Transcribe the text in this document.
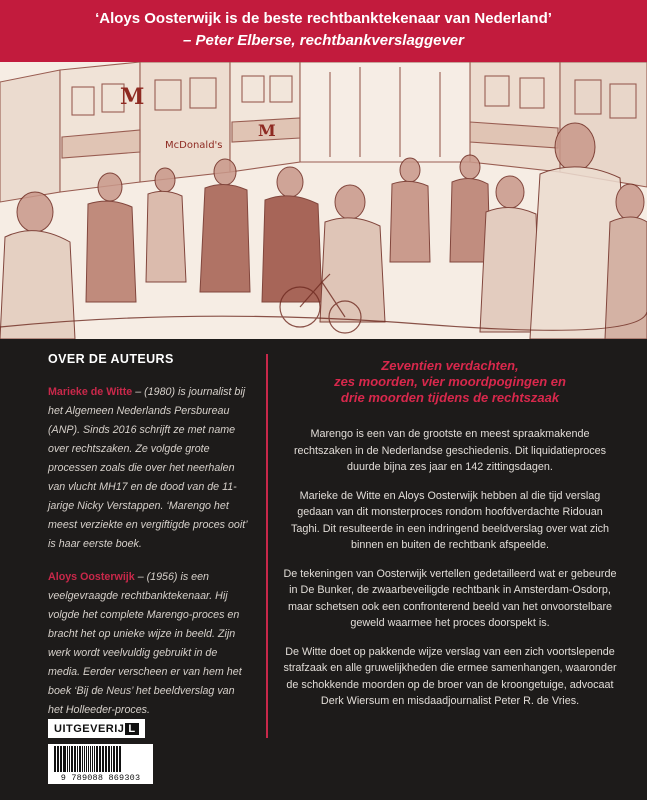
‘Aloys Oosterwijk is de beste rechtbanktekenaar van Nederland’
– Peter Elberse, rechtbankverslaggever
M
McDonald's
M
OVER DE AUTEURS

Marieke de Witte – (1980) is journalist bij het Algemeen Nederlands Persbureau (ANP). Sinds 2016 schrijft ze met name over rechtszaken. Ze volgde grote processen zoals die over het neerhalen van vlucht MH17 en de dood van de 11-jarige Nicky Verstappen. ‘Marengo het meest verziekte en vergiftigde proces ooit’ is haar eerste boek.

Aloys Oosterwijk – (1956) is een veelgevraagde rechtbanktekenaar. Hij volgde het complete Marengo-proces en bracht het op unieke wijze in beeld. Zijn werk wordt veelvuldig gebruikt in de media. Eerder verscheen er van hem het boek ‘Bij de Neus’ het beeldverslag van het Holleeder-proces.

Zeventien verdachten,
zes moorden, vier moordpogingen en
drie moorden tijdens de rechtszaak

Marengo is een van de grootste en meest spraakmakende rechtszaken in de Nederlandse geschiedenis. Dit liquidatieproces duurde bijna zes jaar en 142 zittingsdagen.

Marieke de Witte en Aloys Oosterwijk hebben al die tijd verslag gedaan van dit monsterproces rondom hoofdverdachte Ridouan Taghi. Dit resulteerde in een indringend beeldverslag over wat zich binnen en buiten de rechtbank afspeelde.

De tekeningen van Oosterwijk vertellen gedetailleerd wat er gebeurde in De Bunker, de zwaarbeveiligde rechtbank in Amsterdam-Osdorp, maar schetsen ook een confronterend beeld van het onvoorstelbare geweld waarmee het proces doorspekt is.

De Witte doet op pakkende wijze verslag van een zich voortslepende strafzaak en alle gruwelijkheden die ermee samenhangen, waaronder de schokkende moorden op de broer van de kroongetuige, advocaat Derk Wiersum en misdaadjournalist Peter R. de Vries.

UITGEVERIJ L
9 789088 869303
